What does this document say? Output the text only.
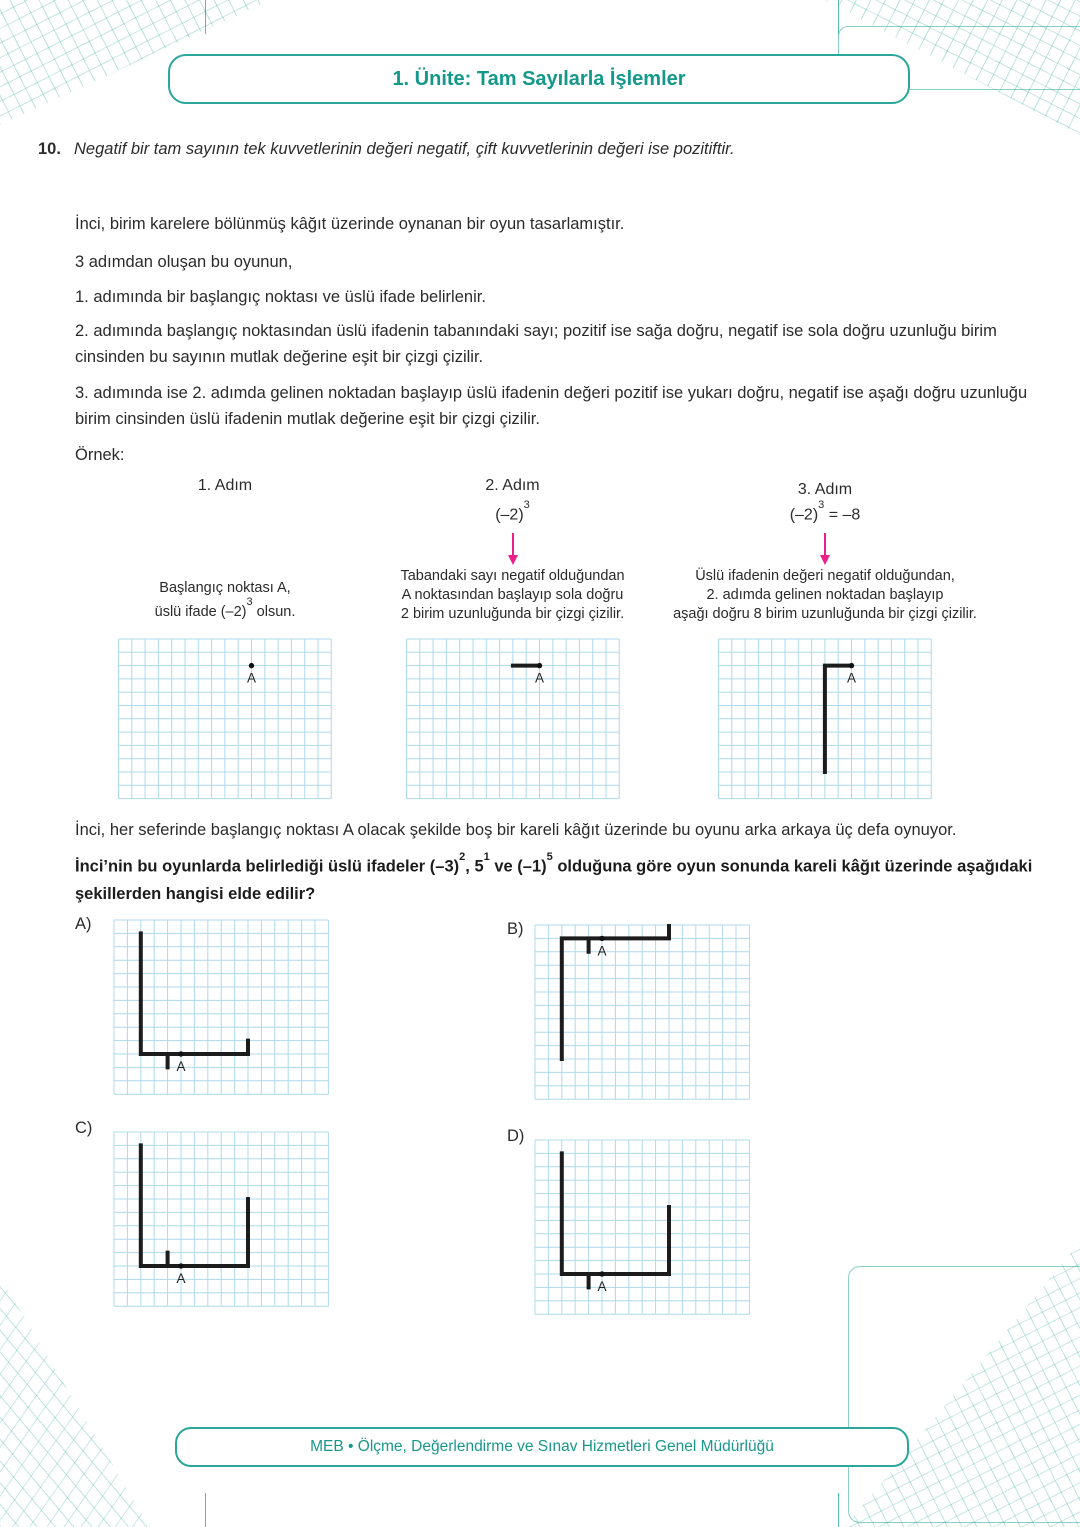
1. Ünite: Tam Sayılarla İşlemler
10. Negatif bir tam sayının tek kuvvetlerinin değeri negatif, çift kuvvetlerinin değeri ise pozitiftir.
İnci, birim karelere bölünmüş kâğıt üzerinde oynanan bir oyun tasarlamıştır.
3 adımdan oluşan bu oyunun,
1. adımında bir başlangıç noktası ve üslü ifade belirlenir.
2. adımında başlangıç noktasından üslü ifadenin tabanındaki sayı; pozitif ise sağa doğru, negatif ise sola doğru uzunluğu birim cinsinden bu sayının mutlak değerine eşit bir çizgi çizilir.
3. adımında ise 2. adımda gelinen noktadan başlayıp üslü ifadenin değeri pozitif ise yukarı doğru, negatif ise aşağı doğru uzunluğu birim cinsinden üslü ifadenin mutlak değerine eşit bir çizgi çizilir.
Örnek:
1. Adım
Başlangıç noktası A,
üslü ifade $(-2)^3$ olsun.
A
2. Adım
$(-2)^3$
Tabandaki sayı negatif olduğundan
A noktasından başlayıp sola doğru
2 birim uzunluğunda bir çizgi çizilir.
A
3. Adım
$(-2)^3 = -8$
Üslü ifadenin değeri negatif olduğundan,
2. adımda gelinen noktadan başlayıp
aşağı doğru 8 birim uzunluğunda bir çizgi çizilir.
A
İnci, her seferinde başlangıç noktası A olacak şekilde boş bir kareli kâğıt üzerinde bu oyunu arka arkaya üç defa oynuyor.
İnci’nin bu oyunlarda belirlediği üslü ifadeler $(-3)^2$, $5^1$ ve $(-1)^5$ olduğuna göre oyun sonunda kareli kâğıt üzerinde aşağıdaki şekillerden hangisi elde edilir?
A)
A
B)
A
C)
A
D)
A
MEB • Ölçme, Değerlendirme ve Sınav Hizmetleri Genel Müdürlüğü
